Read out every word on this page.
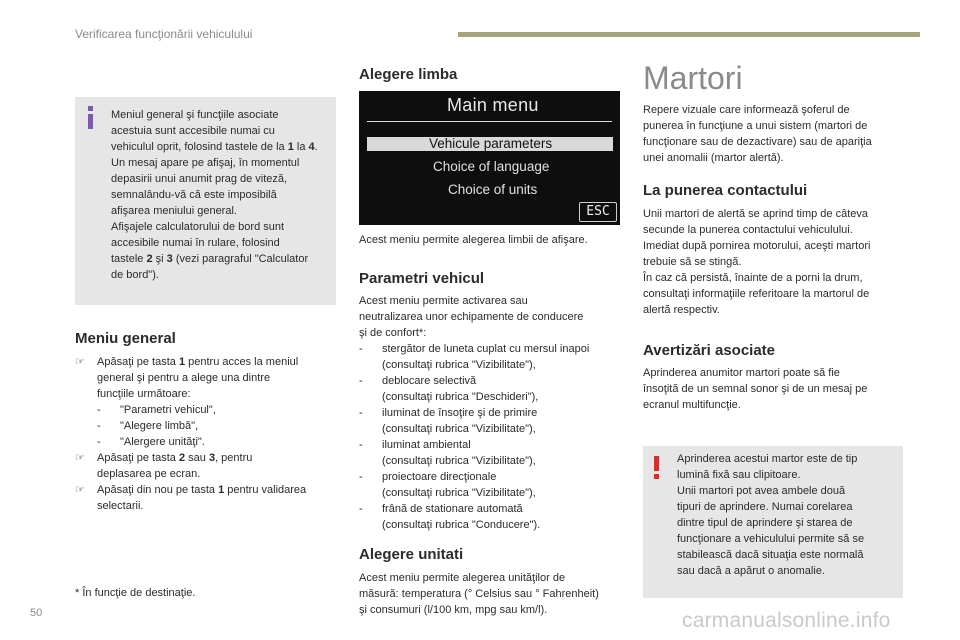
Verificarea funcţionării vehiculului
Meniul general şi funcţiile asociate
acestuia sunt accesibile numai cu
vehiculul oprit, folosind tastele de la 1 la 4.
Un mesaj apare pe afişaj, în momentul
depasirii unui anumit prag de viteză,
semnalându-vă că este imposibilă
afişarea meniului general.
Afişajele calculatorului de bord sunt
accesibile numai în rulare, folosind
tastele 2 şi 3 (vezi paragraful "Calculator
de bord").
Meniu general
☞ Apăsaţi pe tasta 1 pentru acces la meniul
general şi pentru a alege una dintre
funcţiile următoare:
- "Parametri vehicul",
- "Alegere limbă",
- "Alergere unităţi".
☞ Apăsaţi pe tasta 2 sau 3, pentru
deplasarea pe ecran.
☞ Apăsaţi din nou pe tasta 1 pentru validarea
selectarii.
* În funcţie de destinaţie.
50
Alegere limba
Main menu
Vehicule parameters
Choice of language
Choice of units
ESC
Acest meniu permite alegerea limbii de afişare.
Parametri vehicul
Acest meniu permite activarea sau
neutralizarea unor echipamente de conducere
şi de confort*:
- stergător de luneta cuplat cu mersul inapoi
(consultaţi rubrica "Vizibilitate"),
- deblocare selectivă
(consultaţi rubrica "Deschideri"),
- iluminat de însoţire şi de primire
(consultaţi rubrica "Vizibilitate"),
- iluminat ambiental
(consultaţi rubrica "Vizibilitate"),
- proiectoare direcţionale
(consultaţi rubrica "Vizibilitate"),
- frână de stationare automată
(consultaţi rubrica "Conducere").
Alegere unitati
Acest meniu permite alegerea unităţilor de
măsură: temperatura (° Celsius sau ° Fahrenheit)
şi consumuri (l/100 km, mpg sau km/l).
Martori
Repere vizuale care informează şoferul de
punerea în funcţiune a unui sistem (martori de
funcţionare sau de dezactivare) sau de apariţia
unei anomalii (martor alertă).
La punerea contactului
Unii martori de alertă se aprind timp de câteva
secunde la punerea contactului vehiculului.
Imediat după pornirea motorului, aceşti martori
trebuie să se stingă.
În caz că persistă, înainte de a porni la drum,
consultaţi informaţiile referitoare la martorul de
alertă respectiv.
Avertizări asociate
Aprinderea anumitor martori poate să fie
însoţită de un semnal sonor şi de un mesaj pe
ecranul multifuncţie.
Aprinderea acestui martor este de tip
lumină fixă sau clipitoare.
Unii martori pot avea ambele două
tipuri de aprindere. Numai corelarea
dintre tipul de aprindere şi starea de
funcţionare a vehiculului permite să se
stabilească dacă situaţia este normală
sau dacă a apărut o anomalie.
carmanualsonline.info
